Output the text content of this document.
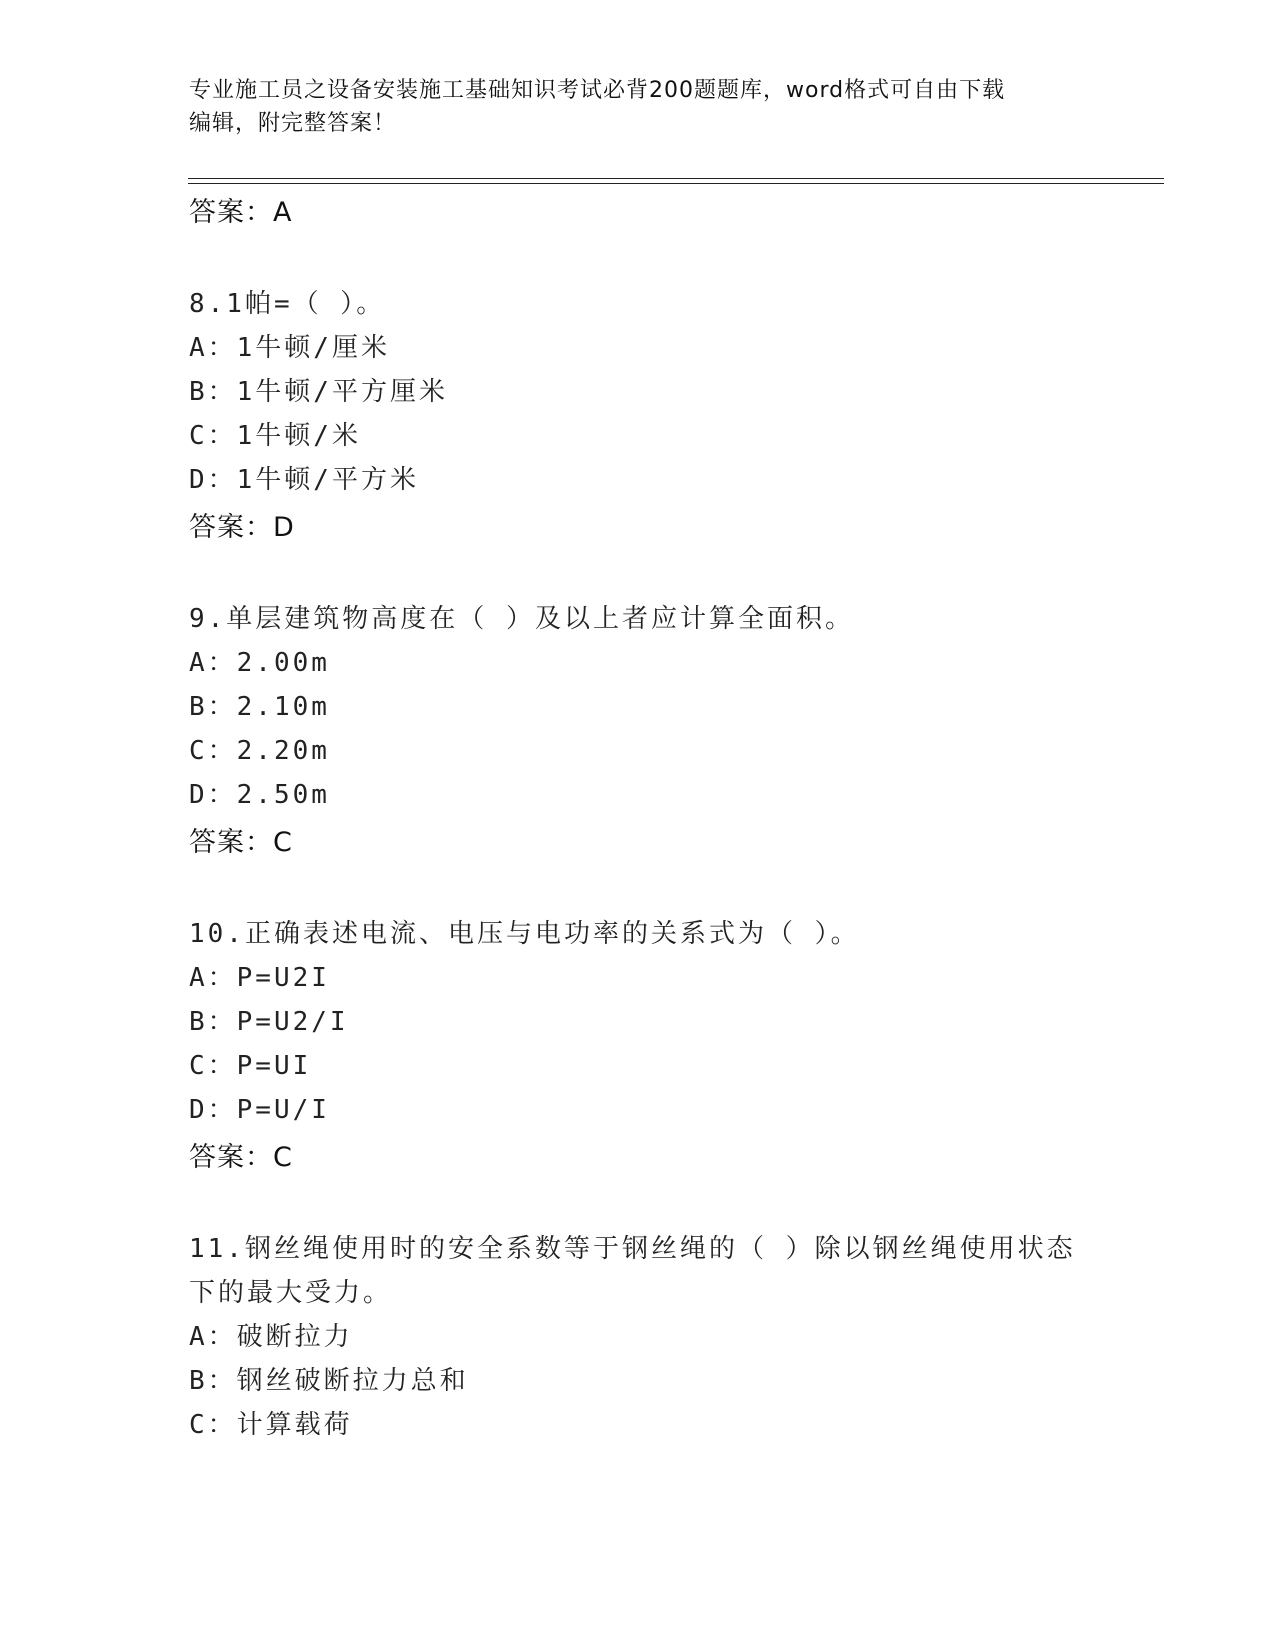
专业施工员之设备安装施工基础知识考试必背200题题库，word格式可自由下载
编辑，附完整答案！
答案：A
8.1帕=（ ）。
A：1牛顿/厘米
B：1牛顿/平方厘米
C：1牛顿/米
D：1牛顿/平方米
答案：D
9.单层建筑物高度在（ ）及以上者应计算全面积。
A：2.00m
B：2.10m
C：2.20m
D：2.50m
答案：C
10.正确表述电流、电压与电功率的关系式为（ ）。
A：P=U2I
B：P=U2/I
C：P=UI
D：P=U/I
答案：C
11.钢丝绳使用时的安全系数等于钢丝绳的（ ）除以钢丝绳使用状态
下的最大受力。
A：破断拉力
B：钢丝破断拉力总和
C：计算载荷
